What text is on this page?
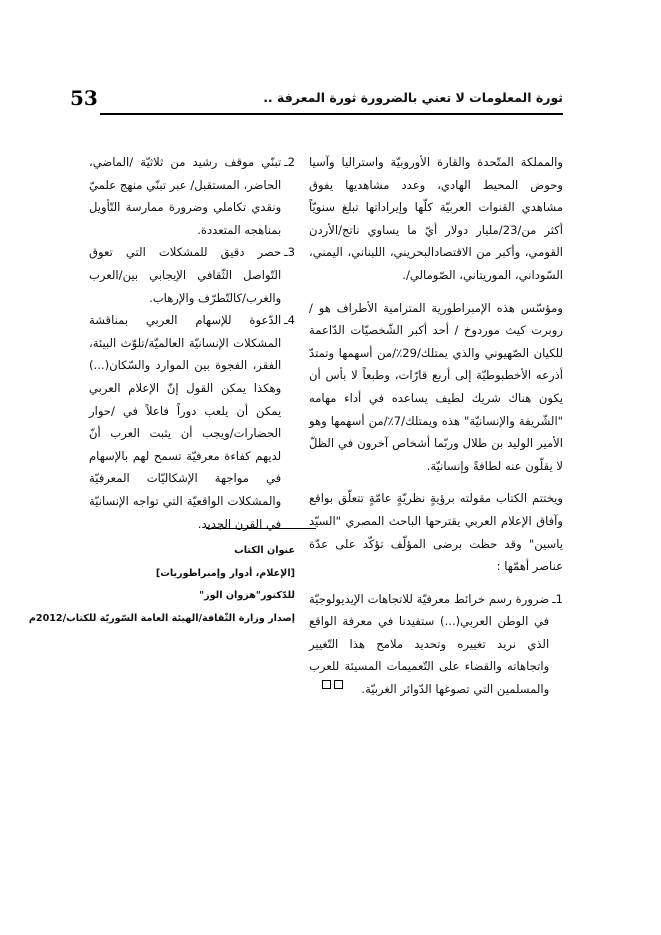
53	ثورة المعلومات لا تعني بالضرورة ثورة المعرفة ..

والمملكة المتّحدة والقارة الأوروبيّة واستراليا وآسيا وحوض المحيط الهادي، وعدد مشاهديها يفوق مشاهدي القنوات العربيّة كلّها وإيراداتها تبلغ سنويّاً أكثر من/23/مليار دولار أيّ ما يساوي ناتج/الأردن القومي، وأكبر من الاقتصادالبحريني، اللبناني، اليمني، السّوداني، الموريتاني، الصّومالي/.

ومؤسّس هذه الإمبراطورية المترامية الأطراف هو /روبرت كيث موردوخ / أحد أكبر الشّخصيّات الدّاعمة للكيان الصّهيوني والذي يمتلك/29٪/من أسهمها وتمتدّ أذرعه الأخطبوطيّة إلى أربع قارّات، وطبعاً لا بأس أن يكون هناك شريك لطيف يساعده في أداء مهامه "الشّريفة والإنسانيّة" هذه ويمتلك/7٪/من أسهمها وهو الأمير الوليد بن طلال وربّما أشخاص آخرون في الظلّ لا يقلّون عنه لطافةً وإنسانيّة.

ويختتم الكتاب مقولته برؤيةٍ نظريّةٍ عامّةٍ تتعلّق بواقع وآفاق الإعلام العربي يقترحها الباحث المصري "السيّد ياسين" وقد حظت برضى المؤلّف تؤكّد على عدّة عناصر أهمّها :

1ـ
ضرورة رسم خرائط معرفيّة للاتجاهات الإيديولوجيّة في الوطن العربي(...) ستفيدنا في معرفة الواقع الذي نريد تغييره وتحديد ملامح هذا التّغيير واتجاهاته والقضاء على التّعميمات المسيئة للعرب والمسلمين التي تصوغها الدّوائر الغربيّة.
2ـ
تبنّي موقف رشيد من ثلاثيّة /الماضي، الحاضر، المستقبل/ عبر تبنّي منهج علميّ ونقدي تكاملي وضرورة ممارسة التّأويل بمناهجه المتعددة.
3ـ
حصر دقيق للمشكلات التي تعوق التّواصل الثّقافي الإيجابي بين/العرب والغرب/كالتّطرّف والإرهاب.
4ـ
الدّعوة للإسهام العربي بمناقشة المشكلات الإنسانيّة العالميّة/تلوّث البيئة، الفقر، الفجوة بين الموارد والسّكان(...) وهكذا يمكن القول إنّ الإعلام العربي يمكن أن يلعب دوراً فاعلاً في /حوار الحضارات/ويجب أن يثبت العرب أنّ لديهم كفاءة معرفيّة تسمح لهم بالإسهام في مواجهة الإشكاليّات المعرفيّة والمشكلات الواقعيّة التي تواجه الإنسانيّة في القرن الجديد.
عنوان الكتاب
[الإعلام، أدوار وإمبراطوريات]
للدّكتور"هزوان الوز"
إصدار وزارة الثّقافة/الهيئة العامة السّوريّة للكتاب/2012م
